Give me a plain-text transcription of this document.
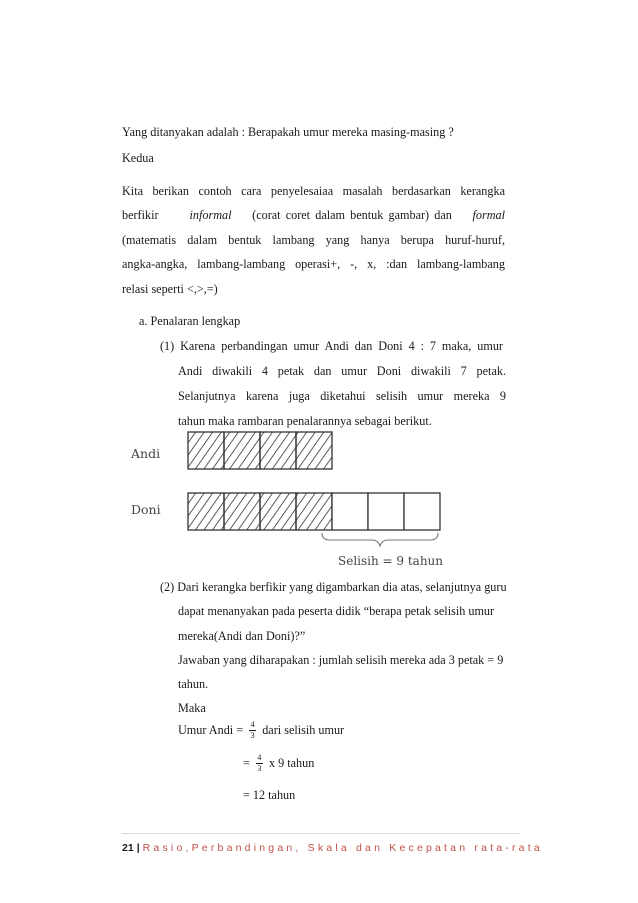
Yang ditanyakan adalah : Berapakah umur mereka masing-masing ?
Kedua
Kita berikan contoh cara penyelesaiaa masalah berdasarkan kerangka
berfikir	informal (corat coret dalam bentuk gambar) dan formal
(matematis dalam bentuk lambang yang hanya berupa huruf-huruf,
angka-angka, lambang-lambang operasi+, -, x, :dan lambang-lambang
relasi seperti <,>,=)
a. Penalaran lengkap
(1) Karena perbandingan umur Andi dan Doni 4 : 7 maka, umur
Andi diwakili 4 petak dan umur Doni diwakili 7 petak.
Selanjutnya karena juga diketahui selisih umur mereka 9
tahun maka rambaran penalarannya sebagai berikut.
Andi
Doni
Selisih = 9 tahun
(2) Dari kerangka berfikir yang digambarkan dia atas, selanjutnya guru
dapat menanyakan pada peserta didik “berapa petak selisih umur
mereka(Andi dan Doni)?”
Jawaban yang diharapakan : jumlah selisih mereka ada 3 petak = 9
tahun.
Maka
Umur Andi = $\frac{4}{3}$ dari selisih umur
= $\frac{4}{3}$ x 9 tahun
= 12 tahun
21 | Rasio,Perbandingan, Skala dan Kecepatan rata-rata
